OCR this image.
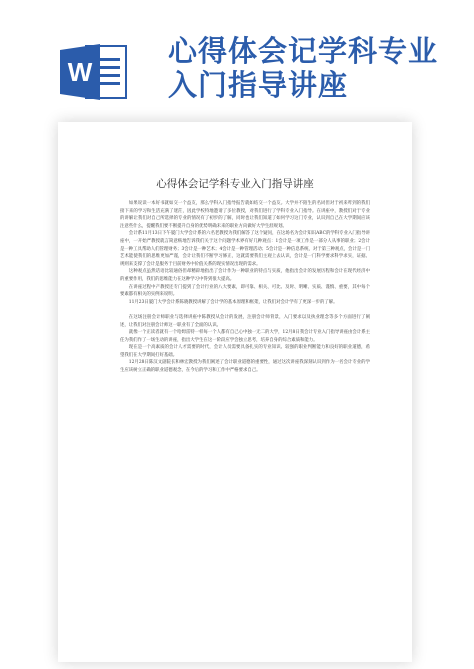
W
心得体会记学科专业入门指导讲座
心得体会记学科专业入门指导讲座

如果说读一本好书就如交一个益友，那么学科入门指导报告就如结交一个益友。大学并不陌生的名词但对于初来咋到的我们接下来的学习和生活充满了迷茫，因此学校特地邀请了多位教授，对我们进行了学科专业入门指导。在讲座中，教授们对于专业的讲解让我们对自己所选择的专业的情况有了初步的了解，同时也让我们知道了如何学习这门专业，认识到自己在大学期间应该注意些什么，提醒我们要不断提升自身的优势明确未来的职业方向做好大学生涯规划。

会计系11月13日下午厦门大学会计系的六名老教授为我们解答了这个疑问，在这场名为会计知识ABC的学科专业入门指导讲座中，一开始严教授就言简意赅地告诉我们关于这个问题学术界有好几种观点：1会计是一项工作是一部分人从事的职业；2会计是一种工具帮助人们管理财务；3会计是一种艺术；4会计是一种管理活动；5会计是一种信息系统，对于第三种观点，会计是一门艺术能使我们的思维更加严谨，会计让我们不断学习修正，这就需要我们主观上去认识，会计是一门科学要求科学求实，证据、规则来支撑了会计是服务于目前财务中价值关系的现实情况出现的需求。

这种观点虽然话语比较通俗但却精辟地指出了会计作为一种职业的特点与实质，他指出会计的发展历程和会计在现代经济中的重要作用，我们的思维能力在这种学习中得到很大提高。

在讲座过程中产教授还专门提到了会计行业的八大要素，即可靠、相关、可比、及时、明晰、实质、谨慎、重要，其中每个要素都有相关的实例来说明。

11月23日厦门大学会计系陈晓教授讲解了会计学的基本原理和框架，让我们对会计学有了更深一步的了解。

在这场注册会计师职业与选择讲座中陈教授从会计的发展，注册会计师背景，入门要求以及执业理念等多个方面进行了阐述，让我们对注册会计师这一职业有了全面的认识。

就像一个正读者就有一个哈姆雷特一样每一个人都有自己心中独一无二的大学，12月8日我会计专业入门指导讲座由会计系主任为我们作了一场生动的讲座，指出大学生在这一阶段应学会独立思考，培养自身的综合素质和能力。

现在是一个高素质的会计人才需要的时代，会计人员需要具备扎实的专业知识、较强的职业判断能力和良好的职业道德，希望我们在大学期间打好基础。

12月28日陈汉文副院长和林宏教授为我们阐述了会计职业道德的重要性，通过这次讲座我深刻认识到作为一名会计专业的学生应该树立正确的职业道德观念，在今后的学习和工作中严格要求自己。
